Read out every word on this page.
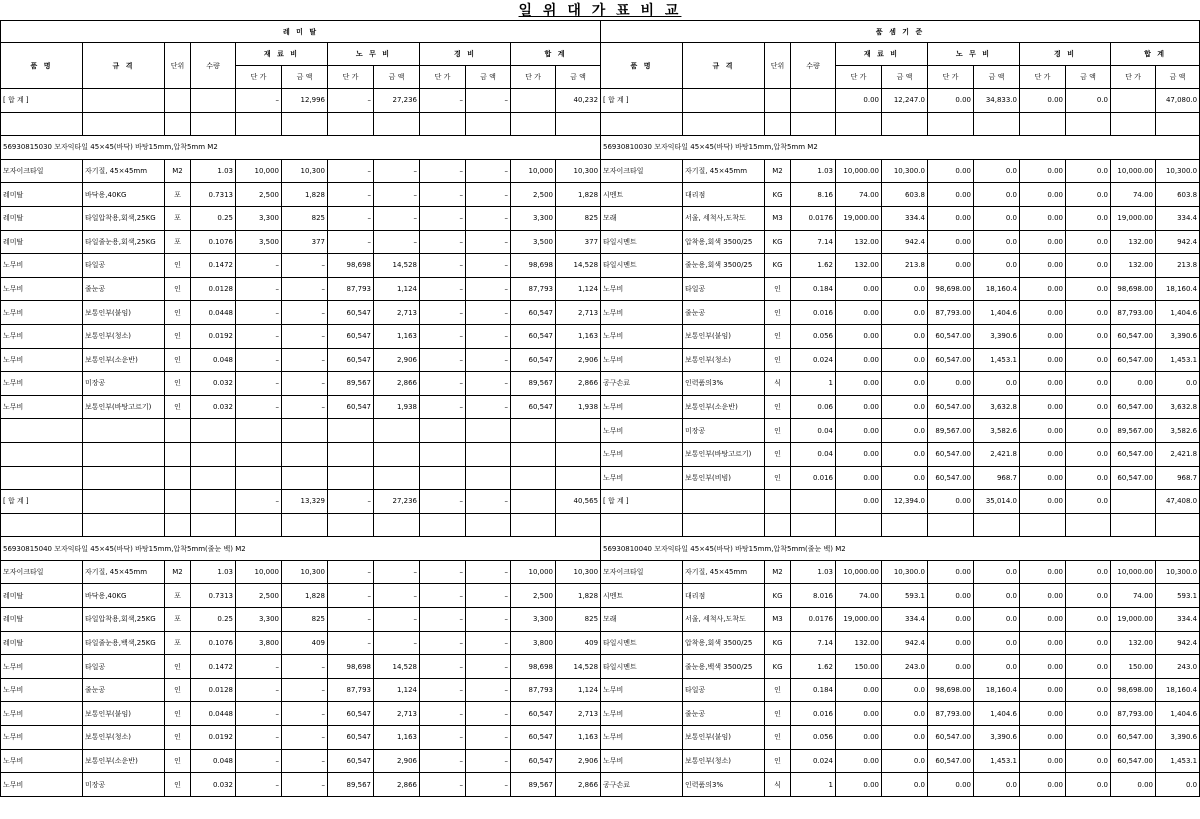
일 위 대 가 표 비 교
레 미 탈											
품 명	규 격	단위	수량	재 료 비		노 무 비		경 비		합 계	
				단 가	금 액	단 가	금 액	단 가	금 액	단 가	금 액
[ 합 계 ]				–	12,996	–	27,236	–	–		40,232

56930815030 모자익타일 45×45(바닥) 바탕15mm,압착5mm M2											
모자이크타일	자기질, 45×45mm	M2	1.03	10,000	10,300	–	–	–	–	10,000	10,300
레미탈	바닥용,40KG	포	0.7313	2,500	1,828	–	–	–	–	2,500	1,828
레미탈	타일압착용,회색,25KG	포	0.25	3,300	825	–	–	–	–	3,300	825
레미탈	타일줄눈용,회색,25KG	포	0.1076	3,500	377	–	–	–	–	3,500	377
노무비	타일공	인	0.1472	–	–	98,698	14,528	–	–	98,698	14,528
노무비	줄눈공	인	0.0128	–	–	87,793	1,124	–	–	87,793	1,124
노무비	보통인부(붙임)	인	0.0448	–	–	60,547	2,713	–	–	60,547	2,713
노무비	보통인부(청소)	인	0.0192	–	–	60,547	1,163	–	–	60,547	1,163
노무비	보통인부(소운반)	인	0.048	–	–	60,547	2,906	–	–	60,547	2,906
노무비	미장공	인	0.032	–	–	89,567	2,866	–	–	89,567	2,866
노무비	보통인부(바탕고르기)	인	0.032	–	–	60,547	1,938	–	–	60,547	1,938

[ 합 계 ]				–	13,329	–	27,236	–	–		40,565

56930815040 모자익타일 45×45(바닥) 바탕15mm,압착5mm(줄눈 백) M2											
모자이크타일	자기질, 45×45mm	M2	1.03	10,000	10,300	–	–	–	–	10,000	10,300
레미탈	바닥용,40KG	포	0.7313	2,500	1,828	–	–	–	–	2,500	1,828
레미탈	타일압착용,회색,25KG	포	0.25	3,300	825	–	–	–	–	3,300	825
레미탈	타일줄눈용,백색,25KG	포	0.1076	3,800	409	–	–	–	–	3,800	409
노무비	타일공	인	0.1472	–	–	98,698	14,528	–	–	98,698	14,528
노무비	줄눈공	인	0.0128	–	–	87,793	1,124	–	–	87,793	1,124
노무비	보통인부(붙임)	인	0.0448	–	–	60,547	2,713	–	–	60,547	2,713
노무비	보통인부(청소)	인	0.0192	–	–	60,547	1,163	–	–	60,547	1,163
노무비	보통인부(소운반)	인	0.048	–	–	60,547	2,906	–	–	60,547	2,906
노무비	미장공	인	0.032	–	–	89,567	2,866	–	–	89,567	2,866
품 셈 기 준											
품 명	규 격	단위	수량	재 료 비		노 무 비		경 비		합 계	
				단 가	금 액	단 가	금 액	단 가	금 액	단 가	금 액
[ 합 계 ]				0.00	12,247.0	0.00	34,833.0	0.00	0.0		47,080.0

56930810030 모자익타일 45×45(바닥) 바탕15mm,압착5mm M2											
모자이크타일	자기질, 45×45mm	M2	1.03	10,000.00	10,300.0	0.00	0.0	0.00	0.0	10,000.00	10,300.0
시멘트	대리점	KG	8.16	74.00	603.8	0.00	0.0	0.00	0.0	74.00	603.8
모래	서울, 세척사,도착도	M3	0.0176	19,000.00	334.4	0.00	0.0	0.00	0.0	19,000.00	334.4
타일시멘트	압착용,회색 3500/25	KG	7.14	132.00	942.4	0.00	0.0	0.00	0.0	132.00	942.4
타일시멘트	줄눈용,회색 3500/25	KG	1.62	132.00	213.8	0.00	0.0	0.00	0.0	132.00	213.8
노무비	타일공	인	0.184	0.00	0.0	98,698.00	18,160.4	0.00	0.0	98,698.00	18,160.4
노무비	줄눈공	인	0.016	0.00	0.0	87,793.00	1,404.6	0.00	0.0	87,793.00	1,404.6
노무비	보통인부(붙임)	인	0.056	0.00	0.0	60,547.00	3,390.6	0.00	0.0	60,547.00	3,390.6
노무비	보통인부(청소)	인	0.024	0.00	0.0	60,547.00	1,453.1	0.00	0.0	60,547.00	1,453.1
공구손료	인력품의3%	식	1	0.00	0.0	0.00	0.0	0.00	0.0	0.00	0.0
노무비	보통인부(소운반)	인	0.06	0.00	0.0	60,547.00	3,632.8	0.00	0.0	60,547.00	3,632.8
노무비	미장공	인	0.04	0.00	0.0	89,567.00	3,582.6	0.00	0.0	89,567.00	3,582.6
노무비	보통인부(바탕고르기)	인	0.04	0.00	0.0	60,547.00	2,421.8	0.00	0.0	60,547.00	2,421.8
노무비	보통인부(비빔)	인	0.016	0.00	0.0	60,547.00	968.7	0.00	0.0	60,547.00	968.7
[ 합 계 ]				0.00	12,394.0	0.00	35,014.0	0.00	0.0		47,408.0

56930810040 모자익타일 45×45(바닥) 바탕15mm,압착5mm(줄눈 백) M2											
모자이크타일	자기질, 45×45mm	M2	1.03	10,000.00	10,300.0	0.00	0.0	0.00	0.0	10,000.00	10,300.0
시멘트	대리점	KG	8.016	74.00	593.1	0.00	0.0	0.00	0.0	74.00	593.1
모래	서울, 세척사,도착도	M3	0.0176	19,000.00	334.4	0.00	0.0	0.00	0.0	19,000.00	334.4
타일시멘트	압착용,회색 3500/25	KG	7.14	132.00	942.4	0.00	0.0	0.00	0.0	132.00	942.4
타일시멘트	줄눈용,백색 3500/25	KG	1.62	150.00	243.0	0.00	0.0	0.00	0.0	150.00	243.0
노무비	타일공	인	0.184	0.00	0.0	98,698.00	18,160.4	0.00	0.0	98,698.00	18,160.4
노무비	줄눈공	인	0.016	0.00	0.0	87,793.00	1,404.6	0.00	0.0	87,793.00	1,404.6
노무비	보통인부(붙임)	인	0.056	0.00	0.0	60,547.00	3,390.6	0.00	0.0	60,547.00	3,390.6
노무비	보통인부(청소)	인	0.024	0.00	0.0	60,547.00	1,453.1	0.00	0.0	60,547.00	1,453.1
공구손료	인력품의3%	식	1	0.00	0.0	0.00	0.0	0.00	0.0	0.00	0.0
